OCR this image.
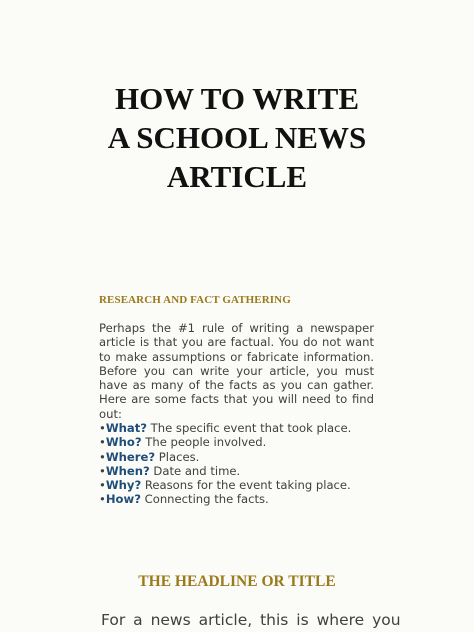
HOW TO WRITE
A SCHOOL NEWS
ARTICLE
RESEARCH AND FACT GATHERING

Perhaps the #1 rule of writing a newspaper article is that you are factual. You do not want to make assumptions or fabricate information. Before you can write your article, you must have as many of the facts as you can gather. Here are some facts that you will need to find out:

•What? The specific event that took place.
•Who? The people involved.
•Where? Places.
•When? Date and time.
•Why? Reasons for the event taking place.
•How? Connecting the facts.
THE HEADLINE OR TITLE

For a news article, this is where you
